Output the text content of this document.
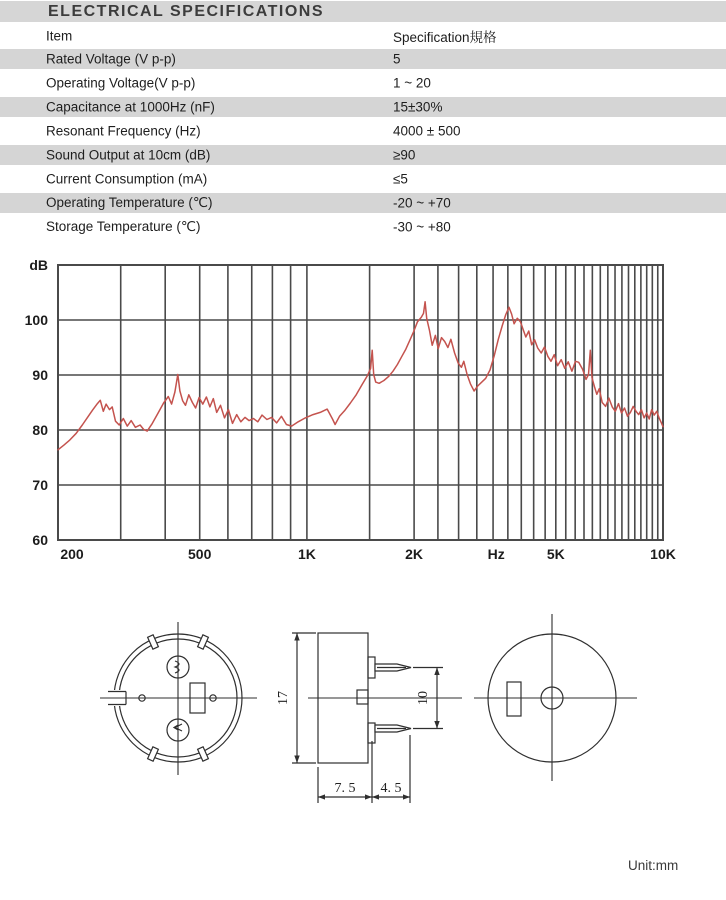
ELECTRICAL SPECIFICATIONS
Item	Specification規格
Rated Voltage (V p-p)	5
Operating Voltage(V p-p)	1 ~ 20
Capacitance at 1000Hz (nF)	15±30%
Resonant Frequency (Hz)	4000 ± 500
Sound Output at 10cm (dB)	≥90
Current Consumption (mA)	≤5
Operating Temperature (℃)	-20 ~ +70
Storage Temperature (℃)	-30 ~ +80
dB
100
90
80
70
60
200	500	1K	2K	Hz	5K	10K
17	10
7. 5 4. 5
Unit:mm
